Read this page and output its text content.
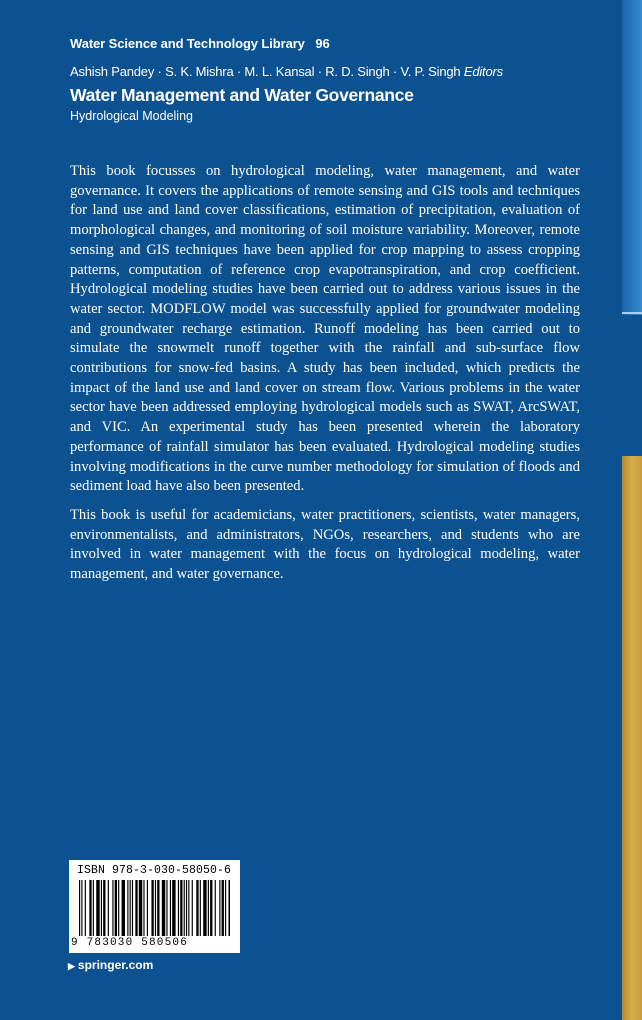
Water Science and Technology Library 96
Ashish Pandey · S. K. Mishra · M. L. Kansal · R. D. Singh · V. P. Singh Editors
Water Management and Water Governance
Hydrological Modeling

This book focusses on hydrological modeling, water management, and water governance. It covers the applications of remote sensing and GIS tools and techniques for land use and land cover classifications, estimation of precipitation, evaluation of morphological changes, and monitoring of soil moisture variability. Moreover, remote sensing and GIS techniques have been applied for crop mapping to assess cropping patterns, computation of reference crop evapotranspiration, and crop coefficient. Hydrological modeling studies have been carried out to address various issues in the water sector. MODFLOW model was successfully applied for groundwater modeling and groundwater recharge estimation. Runoff modeling has been carried out to simulate the snowmelt runoff together with the rainfall and sub-surface flow contributions for snow-fed basins. A study has been included, which predicts the impact of the land use and land cover on stream flow. Various problems in the water sector have been addressed employing hydrological models such as SWAT, ArcSWAT, and VIC. An experimental study has been presented wherein the laboratory performance of rainfall simulator has been evaluated. Hydrological modeling studies involving modifications in the curve number methodology for simulation of floods and sediment load have also been presented.

This book is useful for academicians, water practitioners, scientists, water managers, environmentalists, and administrators, NGOs, researchers, and students who are involved in water management with the focus on hydrological modeling, water management, and water governance.

ISBN 978-3-030-58050-6
9 783030 580506
▶ springer.com
